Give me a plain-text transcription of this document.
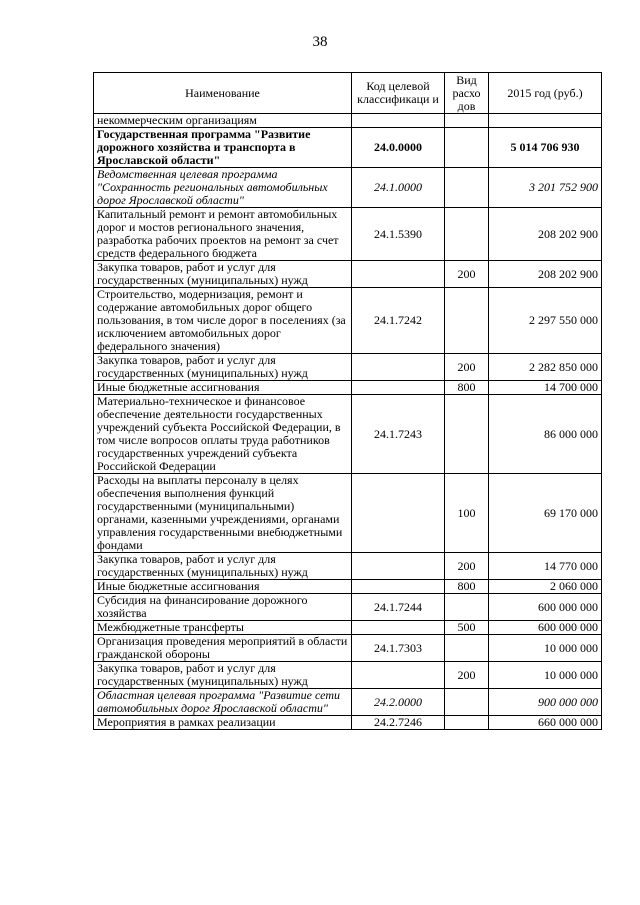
38
Наименование	Код целевой классификаци и	Вид расхо дов	2015 год (руб.)
некоммерческим организациям			
Государственная программа "Развитие дорожного хозяйства и транспорта в Ярославской области"	24.0.0000		5 014 706 930
Ведомственная целевая программа "Сохранность региональных автомобильных дорог Ярославской области"	24.1.0000		3 201 752 900
Капитальный ремонт и ремонт автомобильных дорог и мостов регионального значения, разработка рабочих проектов на ремонт за счет средств федерального бюджета	24.1.5390		208 202 900
Закупка товаров, работ и услуг для государственных (муниципальных) нужд		200	208 202 900
Строительство, модернизация, ремонт и содержание автомобильных дорог общего пользования, в том числе дорог в поселениях (за исключением автомобильных дорог федерального значения)	24.1.7242		2 297 550 000
Закупка товаров, работ и услуг для государственных (муниципальных) нужд		200	2 282 850 000
Иные бюджетные ассигнования		800	14 700 000
Материально-техническое и финансовое обеспечение деятельности государственных учреждений субъекта Российской Федерации, в том числе вопросов оплаты труда работников государственных учреждений субъекта Российской Федерации	24.1.7243		86 000 000
Расходы на выплаты персоналу в целях обеспечения выполнения функций государственными (муниципальными) органами, казенными учреждениями, органами управления государственными внебюджетными фондами		100	69 170 000
Закупка товаров, работ и услуг для государственных (муниципальных) нужд		200	14 770 000
Иные бюджетные ассигнования		800	2 060 000
Субсидия на финансирование дорожного хозяйства	24.1.7244		600 000 000
Межбюджетные трансферты		500	600 000 000
Организация проведения мероприятий в области гражданской обороны	24.1.7303		10 000 000
Закупка товаров, работ и услуг для государственных (муниципальных) нужд		200	10 000 000
Областная целевая программа "Развитие сети автомобильных дорог Ярославской области"	24.2.0000		900 000 000
Мероприятия в рамках реализации	24.2.7246		660 000 000
